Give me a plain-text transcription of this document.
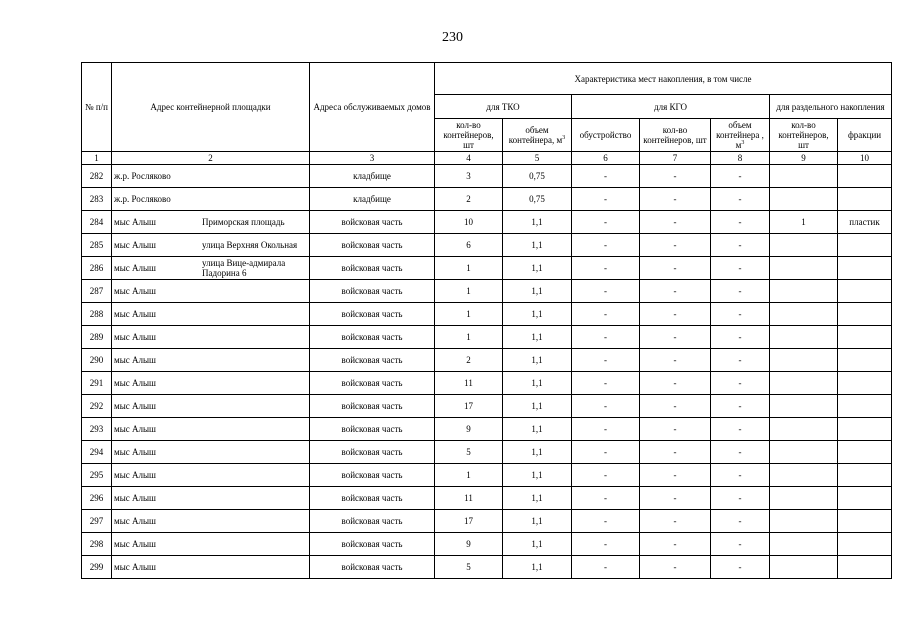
230
№ п/п	Адрес контейнерной площадки	Адреса обслуживаемых домов	Характеристика мест накопления, в том числе						
			для ТКО		для КГО			для раздельного накопления	
			кол-во контейнеров, шт	объем контейнера, $м^3$	обустройство	кол-во контейнеров, шт	объем контейнера , $м^3$	кол-во контейнеров, шт	фракции
1	2	3	4	5	6	7	8	9	10
282	ж.р. Росляково	кладбище	3	0,75	-	-	-		
283	ж.р. Росляково	кладбище	2	0,75	-	-	-		
284	мыс Алыш Приморская площадь	войсковая часть	10	1,1	-	-	-	1	пластик
285	мыс Алыш улица Верхняя Окольная	войсковая часть	6	1,1	-	-	-		
286	мыс Алыш улица Вице-адмирала Падорина 6	войсковая часть	1	1,1	-	-	-		
287	мыс Алыш	войсковая часть	1	1,1	-	-	-		
288	мыс Алыш	войсковая часть	1	1,1	-	-	-		
289	мыс Алыш	войсковая часть	1	1,1	-	-	-		
290	мыс Алыш	войсковая часть	2	1,1	-	-	-		
291	мыс Алыш	войсковая часть	11	1,1	-	-	-		
292	мыс Алыш	войсковая часть	17	1,1	-	-	-		
293	мыс Алыш	войсковая часть	9	1,1	-	-	-		
294	мыс Алыш	войсковая часть	5	1,1	-	-	-		
295	мыс Алыш	войсковая часть	1	1,1	-	-	-		
296	мыс Алыш	войсковая часть	11	1,1	-	-	-		
297	мыс Алыш	войсковая часть	17	1,1	-	-	-		
298	мыс Алыш	войсковая часть	9	1,1	-	-	-		
299	мыс Алыш	войсковая часть	5	1,1	-	-	-		
